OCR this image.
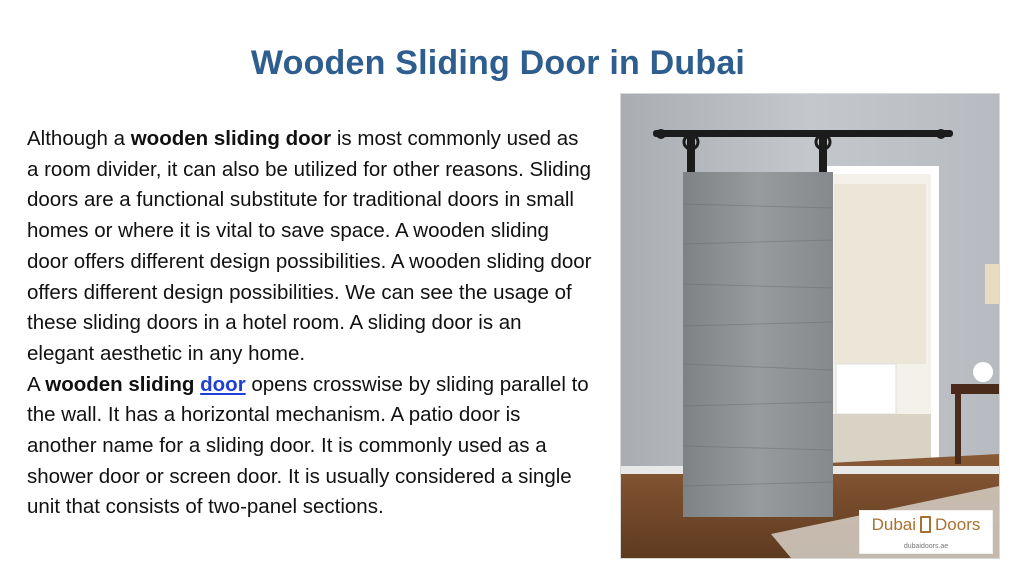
Wooden Sliding Door in Dubai
Although a wooden sliding door is most commonly used as a room divider, it can also be utilized for other reasons. Sliding doors are a functional substitute for traditional doors in small homes or where it is vital to save space. A wooden sliding door offers different design possibilities. A wooden sliding door offers different design possibilities. We can see the usage of these sliding doors in a hotel room. A sliding door is an elegant aesthetic in any home.
A wooden sliding door opens crosswise by sliding parallel to the wall. It has a horizontal mechanism. A patio door is another name for a sliding door. It is commonly used as a shower door or screen door. It is usually considered a single unit that consists of two-panel sections.
Dubai Doors
dubaidoors.ae
